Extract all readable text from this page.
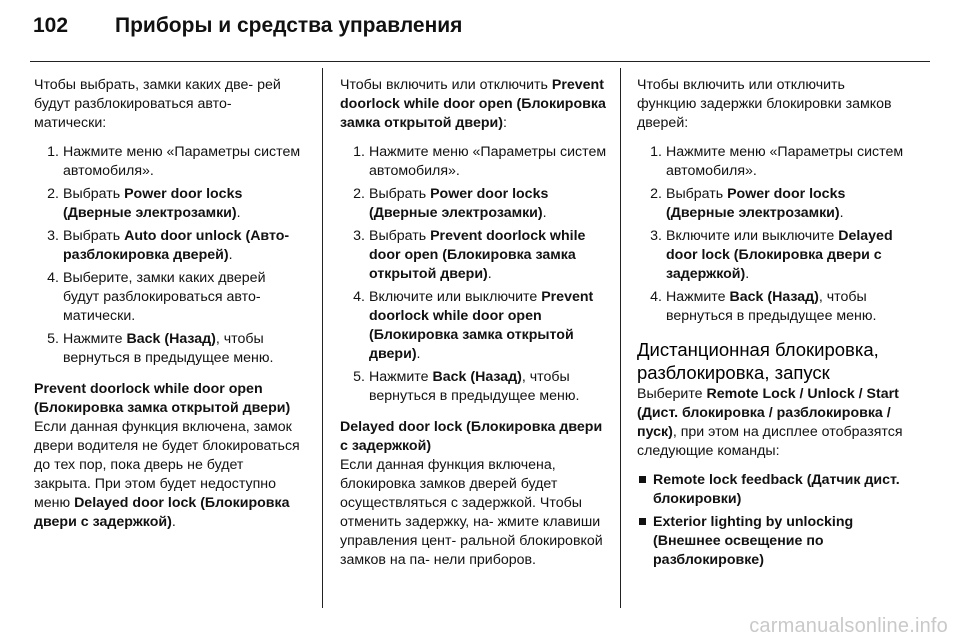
102 Приборы и средства управления

Чтобы выбрать, замки каких две- рей будут разблокироваться авто- матически:

1. Нажмите меню «Параметры систем автомобиля».
2. Выбрать Power door locks (Дверные электрозамки).
3. Выбрать Auto door unlock (Авто- разблокировка дверей).
4. Выберите, замки каких дверей будут разблокироваться авто- матически.
5. Нажмите Back (Назад), чтобы вернуться в предыдущее меню.

Prevent doorlock while door open (Блокировка замка открытой двери)

Если данная функция включена, замок двери водителя не будет блокироваться до тех пор, пока дверь не будет закрыта. При этом будет недоступно меню Delayed door lock (Блокировка двери с задержкой).

Чтобы включить или отключить Prevent doorlock while door open (Блокировка замка открытой двери):

1. Нажмите меню «Параметры систем автомобиля».
2. Выбрать Power door locks (Дверные электрозамки).
3. Выбрать Prevent doorlock while door open (Блокировка замка открытой двери).
4. Включите или выключите Prevent doorlock while door open (Блокировка замка открытой двери).
5. Нажмите Back (Назад), чтобы вернуться в предыдущее меню.

Delayed door lock (Блокировка двери с задержкой)

Если данная функция включена, блокировка замков дверей будет осуществляться с задержкой. Чтобы отменить задержку, на- жмите клавиши управления цент- ральной блокировкой замков на па- нели приборов.

Чтобы включить или отключить функцию задержки блокировки замков дверей:

1. Нажмите меню «Параметры систем автомобиля».
2. Выбрать Power door locks (Дверные электрозамки).
3. Включите или выключите Delayed door lock (Блокировка двери с задержкой).
4. Нажмите Back (Назад), чтобы вернуться в предыдущее меню.

Дистанционная блокировка, разблокировка, запуск

Выберите Remote Lock / Unlock / Start (Дист. блокировка / разблокировка / пуск), при этом на дисплее отобразятся следующие команды:

Remote lock feedback (Датчик дист. блокировки)
Exterior lighting by unlocking (Внешнее освещение по разблокировке)
carmanualsonline.info
